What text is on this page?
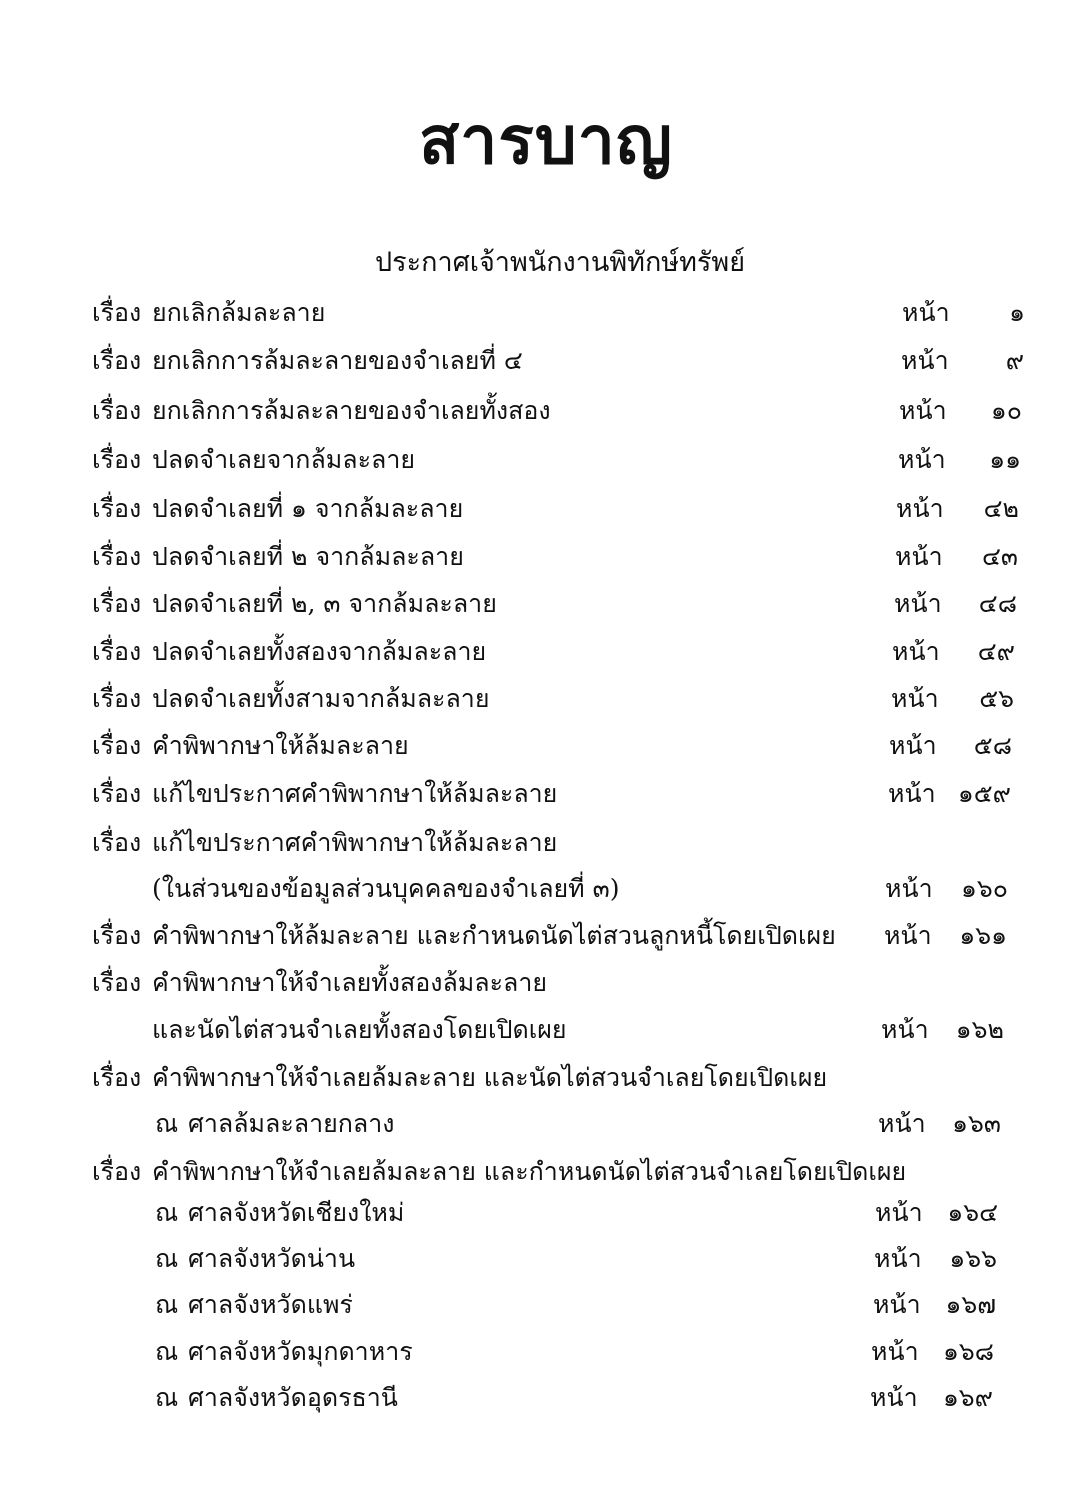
สารบาญ
ประกาศเจ้าพนักงานพิทักษ์ทรัพย์
เรื่อง ยกเลิกล้มละลาย	หน้า	๑
เรื่อง ยกเลิกการล้มละลายของจำเลยที่ ๔	หน้า	๙
เรื่อง ยกเลิกการล้มละลายของจำเลยทั้งสอง	หน้า	๑๐
เรื่อง ปลดจำเลยจากล้มละลาย	หน้า	๑๑
เรื่อง ปลดจำเลยที่ ๑ จากล้มละลาย	หน้า	๔๒
เรื่อง ปลดจำเลยที่ ๒ จากล้มละลาย	หน้า	๔๓
เรื่อง ปลดจำเลยที่ ๒, ๓ จากล้มละลาย	หน้า	๔๘
เรื่อง ปลดจำเลยทั้งสองจากล้มละลาย	หน้า	๔๙
เรื่อง ปลดจำเลยทั้งสามจากล้มละลาย	หน้า	๕๖
เรื่อง คำพิพากษาให้ล้มละลาย	หน้า	๕๘
เรื่อง แก้ไขประกาศคำพิพากษาให้ล้มละลาย	หน้า ๑๕๙
เรื่อง แก้ไขประกาศคำพิพากษาให้ล้มละลาย
(ในส่วนของข้อมูลส่วนบุคคลของจำเลยที่ ๓)	หน้า	๑๖๐
เรื่อง คำพิพากษาให้ล้มละลาย และกำหนดนัดไต่สวนลูกหนี้โดยเปิดเผย หน้า	๑๖๑
เรื่อง คำพิพากษาให้จำเลยทั้งสองล้มละลาย
และนัดไต่สวนจำเลยทั้งสองโดยเปิดเผย	หน้า	๑๖๒
เรื่อง คำพิพากษาให้จำเลยล้มละลาย และนัดไต่สวนจำเลยโดยเปิดเผย
ณ ศาลล้มละลายกลาง	หน้า	๑๖๓
เรื่อง คำพิพากษาให้จำเลยล้มละลาย และกำหนดนัดไต่สวนจำเลยโดยเปิดเผย
ณ ศาลจังหวัดเชียงใหม่	หน้า ๑๖๔
ณ ศาลจังหวัดน่าน	หน้า	๑๖๖
ณ ศาลจังหวัดแพร่	หน้า ๑๖๗
ณ ศาลจังหวัดมุกดาหาร	หน้า ๑๖๘
ณ ศาลจังหวัดอุดรธานี	หน้า	๑๖๙
